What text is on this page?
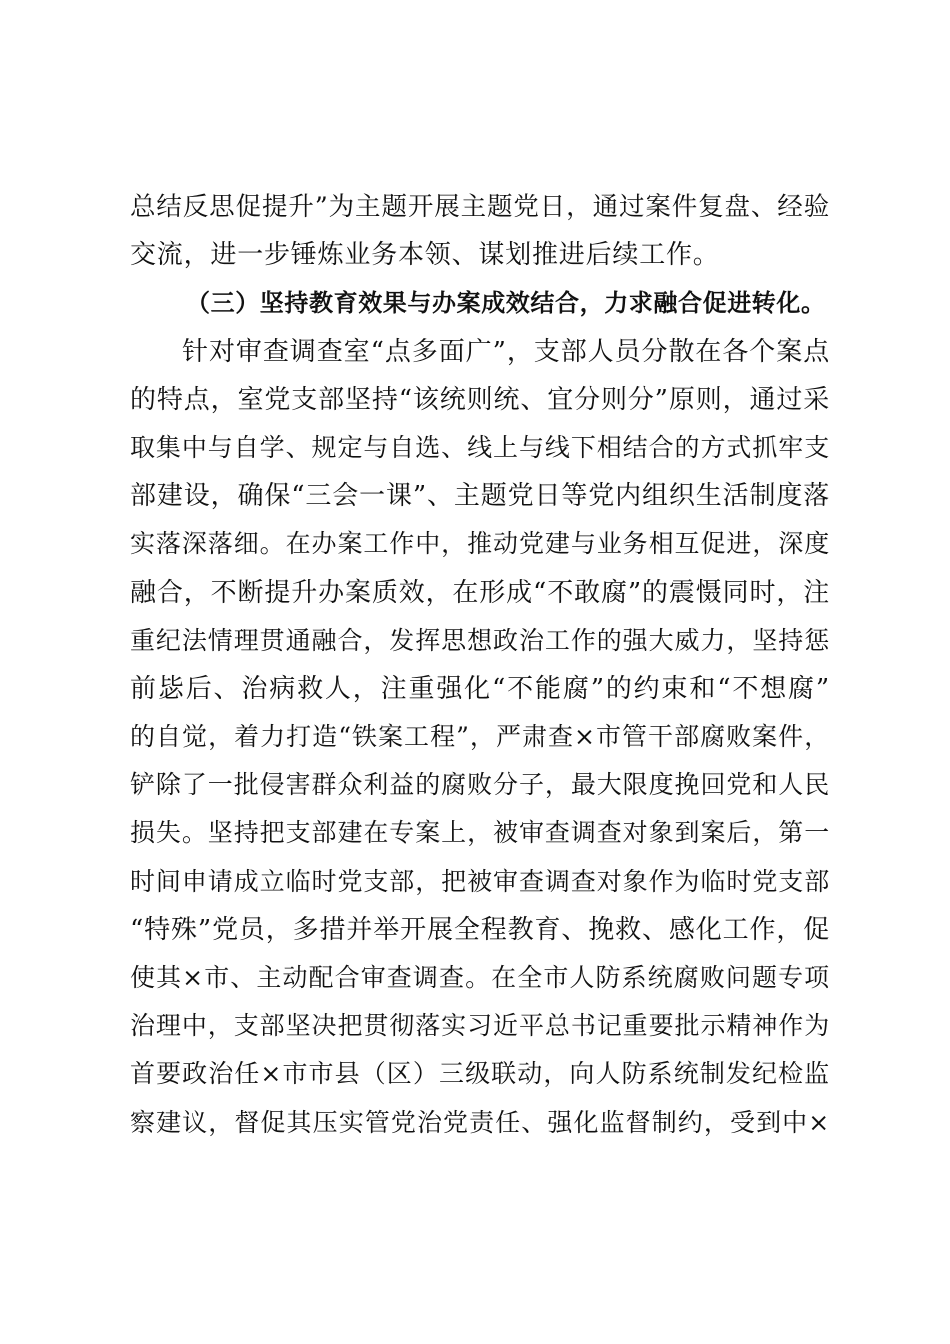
总结反思促提升”为主题开展主题党日，通过案件复盘、经验
交流，进一步锤炼业务本领、谋划推进后续工作。
（三）坚持教育效果与办案成效结合，力求融合促进转化。
针对审查调查室“点多面广”，支部人员分散在各个案点
的特点，室党支部坚持“该统则统、宜分则分”原则，通过采
取集中与自学、规定与自选、线上与线下相结合的方式抓牢支
部建设，确保“三会一课”、主题党日等党内组织生活制度落
实落深落细。在办案工作中，推动党建与业务相互促进，深度
融合，不断提升办案质效，在形成“不敢腐”的震慑同时，注
重纪法情理贯通融合，发挥思想政治工作的强大威力，坚持惩
前毖后、治病救人，注重强化“不能腐”的约束和“不想腐”
的自觉，着力打造“铁案工程”，严肃查×市管干部腐败案件，
铲除了一批侵害群众利益的腐败分子，最大限度挽回党和人民
损失。坚持把支部建在专案上，被审查调查对象到案后，第一
时间申请成立临时党支部，把被审查调查对象作为临时党支部
“特殊”党员，多措并举开展全程教育、挽救、感化工作，促
使其×市、主动配合审查调查。在全市人防系统腐败问题专项
治理中，支部坚决把贯彻落实习近平总书记重要批示精神作为
首要政治任×市市县（区）三级联动，向人防系统制发纪检监
察建议，督促其压实管党治党责任、强化监督制约，受到中×
